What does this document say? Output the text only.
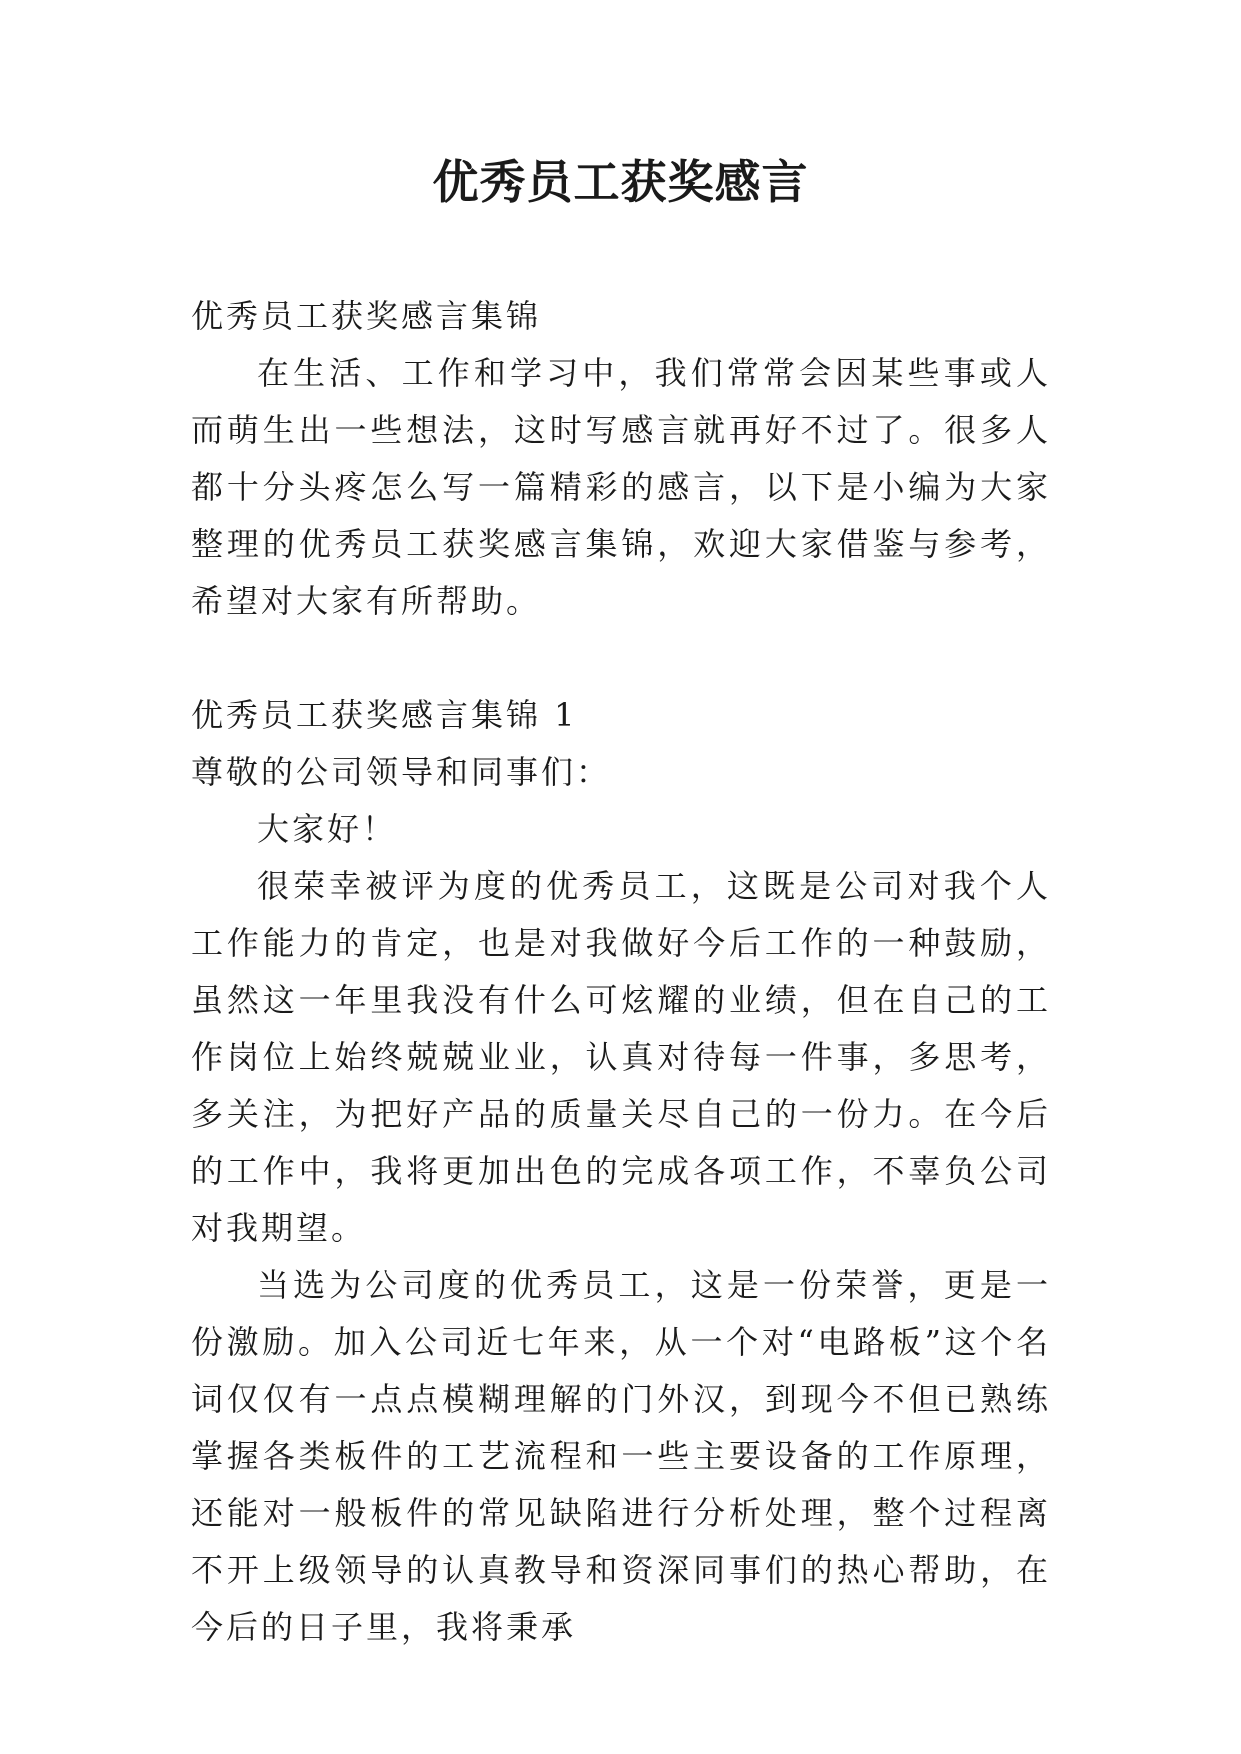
优秀员工获奖感言

优秀员工获奖感言集锦

在生活、工作和学习中，我们常常会因某些事或人而萌生出一些想法，这时写感言就再好不过了。很多人都十分头疼怎么写一篇精彩的感言，以下是小编为大家整理的优秀员工获奖感言集锦，欢迎大家借鉴与参考，希望对大家有所帮助。

优秀员工获奖感言集锦 1

尊敬的公司领导和同事们：

大家好！

很荣幸被评为度的优秀员工，这既是公司对我个人工作能力的肯定，也是对我做好今后工作的一种鼓励，虽然这一年里我没有什么可炫耀的业绩，但在自己的工作岗位上始终兢兢业业，认真对待每一件事，多思考，多关注，为把好产品的质量关尽自己的一份力。在今后的工作中，我将更加出色的完成各项工作，不辜负公司对我期望。

当选为公司度的优秀员工，这是一份荣誉，更是一份激励。加入公司近七年来，从一个对“电路板”这个名词仅仅有一点点模糊理解的门外汉，到现今不但已熟练掌握各类板件的工艺流程和一些主要设备的工作原理，还能对一般板件的常见缺陷进行分析处理，整个过程离不开上级领导的认真教导和资深同事们的热心帮助，在今后的日子里，我将秉承
